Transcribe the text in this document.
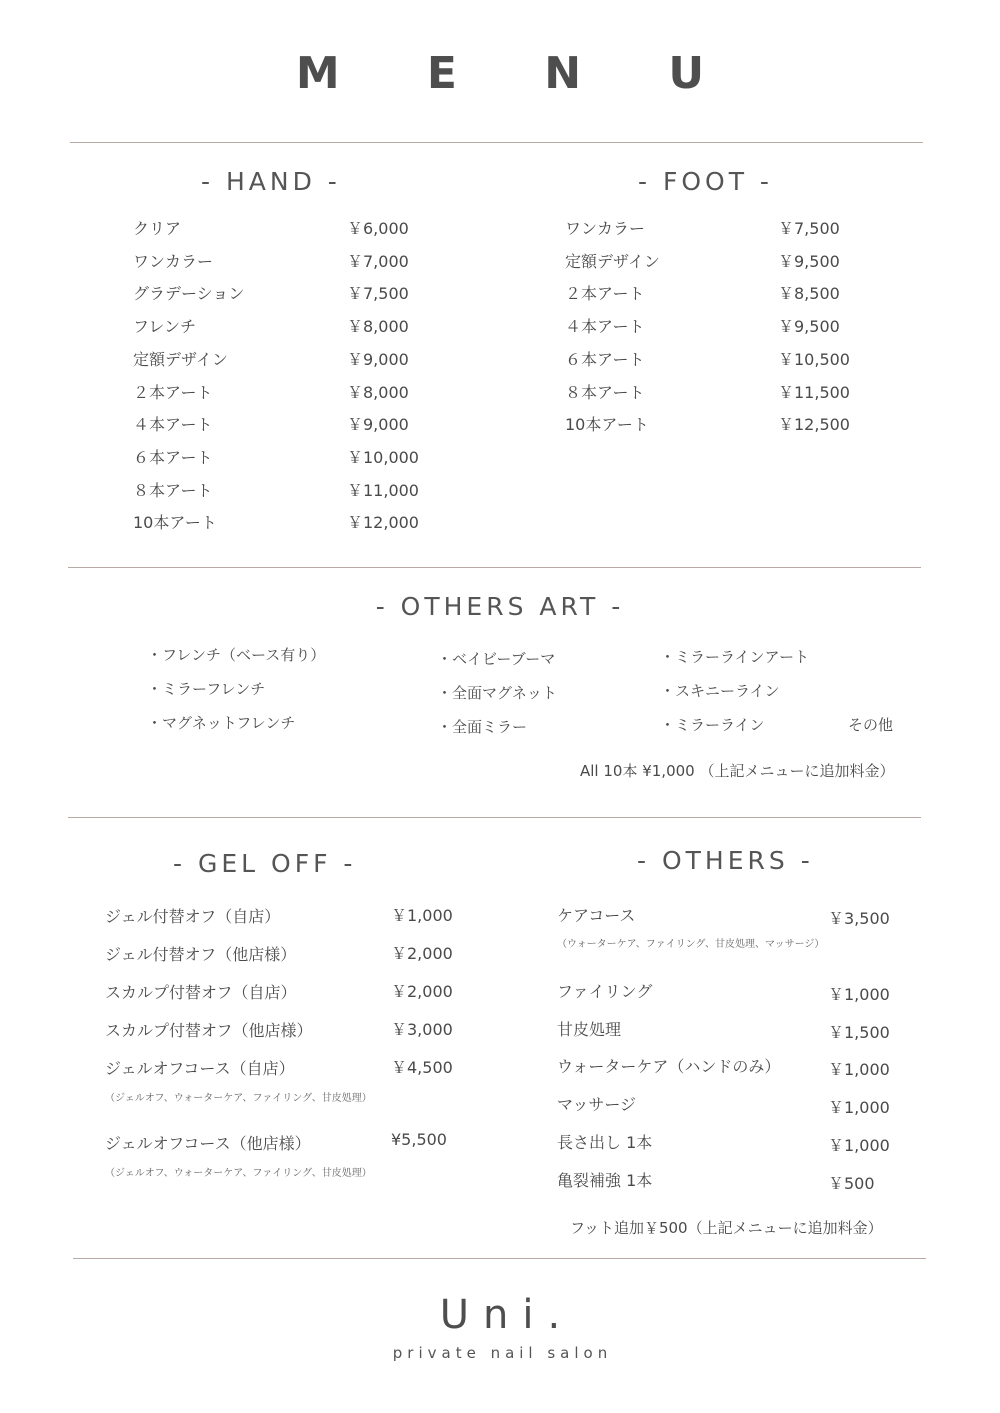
M E N U
- HAND -
クリア	￥6,000
ワンカラー	￥7,000
グラデーション	￥7,500
フレンチ	￥8,000
定額デザイン	￥9,000
２本アート	￥8,000
４本アート	￥9,000
６本アート	￥10,000
８本アート	￥11,000
10本アート	￥12,000
- FOOT -
ワンカラー	￥7,500
定額デザイン	￥9,500
２本アート	￥8,500
４本アート	￥9,500
６本アート	￥10,500
８本アート	￥11,500
10本アート	￥12,500
- OTHERS ART -
・フレンチ（ベース有り）
・ミラーフレンチ
・マグネットフレンチ
・ベイビーブーマ
・全面マグネット
・全面ミラー
・ミラーラインアート
・スキニーライン
・ミラーライン	その他
All 10本 ¥1,000 （上記メニューに追加料金）
- GEL OFF -
ジェル付替オフ（自店）	￥1,000
ジェル付替オフ（他店様）	￥2,000
スカルプ付替オフ（自店）	￥2,000
スカルプ付替オフ（他店様）	￥3,000
ジェルオフコース（自店）	￥4,500
（ジェルオフ、ウォーターケア、ファイリング、甘皮処理）
ジェルオフコース（他店様）	¥5,500
（ジェルオフ、ウォーターケア、ファイリング、甘皮処理）
- OTHERS -
ケアコース	￥3,500
（ウォーターケア、ファイリング、甘皮処理、マッサージ）
ファイリング	￥1,000
甘皮処理	￥1,500
ウォーターケア（ハンドのみ）	￥1,000
マッサージ	￥1,000
長さ出し 1本	￥1,000
亀裂補強 1本	￥500
フット追加￥500（上記メニューに追加料金）
Uni.
private nail salon
